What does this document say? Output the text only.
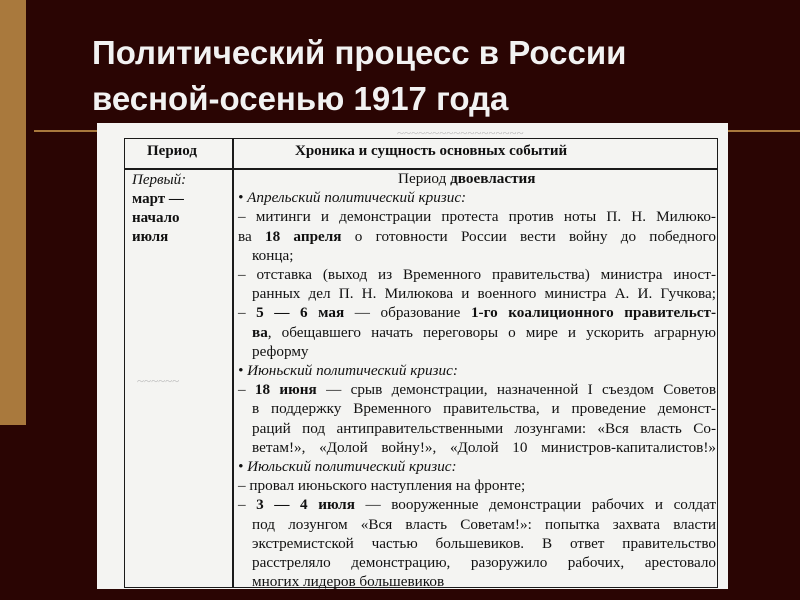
Политический процесс в России
весной-осенью 1917 года
~~~~~~~~~~~~~~~~~~
~~~~~~
Период	Хроника и сущность основных событий
Первый:
март —
начало
июля
Период двоевластия
• Апрельский политический кризис:
– митинги и демонстрации протеста против ноты П. Н. Милюко-
ва 18 апреля о готовности России вести войну до победного
конца;
– отставка (выход из Временного правительства) министра иност-
ранных дел П. Н. Милюкова и военного министра А. И. Гучкова;
– 5 — 6 мая — образование 1-го коалиционного правительст-
ва, обещавшего начать переговоры о мире и ускорить аграрную
реформу
• Июньский политический кризис:
– 18 июня — срыв демонстрации, назначенной I съездом Советов
в поддержку Временного правительства, и проведение демонст-
раций под антиправительственными лозунгами: «Вся власть Со-
ветам!», «Долой войну!», «Долой 10 министров-капиталистов!»
• Июльский политический кризис:
– провал июньского наступления на фронте;
– 3 — 4 июля — вооруженные демонстрации рабочих и солдат
под лозунгом «Вся власть Советам!»: попытка захвата власти
экстремистской частью большевиков. В ответ правительство
расстреляло демонстрацию, разоружило рабочих, арестовало
многих лидеров большевиков
